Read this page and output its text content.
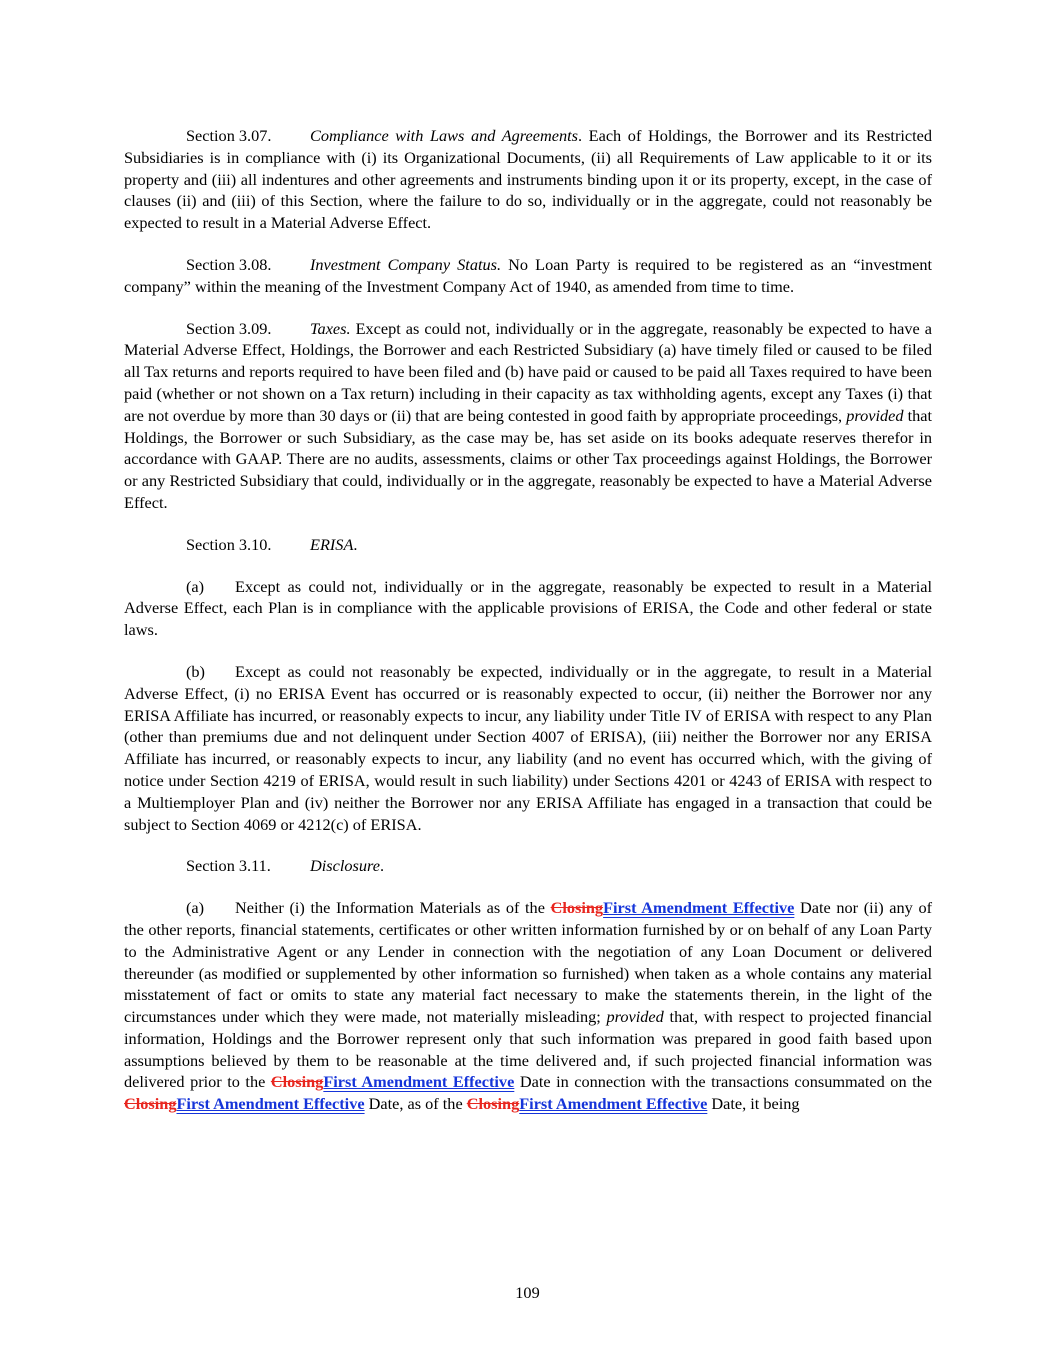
Section 3.07. Compliance with Laws and Agreements. Each of Holdings, the Borrower and its Restricted Subsidiaries is in compliance with (i) its Organizational Documents, (ii) all Requirements of Law applicable to it or its property and (iii) all indentures and other agreements and instruments binding upon it or its property, except, in the case of clauses (ii) and (iii) of this Section, where the failure to do so, individually or in the aggregate, could not reasonably be expected to result in a Material Adverse Effect.

Section 3.08. Investment Company Status. No Loan Party is required to be registered as an “investment company” within the meaning of the Investment Company Act of 1940, as amended from time to time.

Section 3.09. Taxes. Except as could not, individually or in the aggregate, reasonably be expected to have a Material Adverse Effect, Holdings, the Borrower and each Restricted Subsidiary (a) have timely filed or caused to be filed all Tax returns and reports required to have been filed and (b) have paid or caused to be paid all Taxes required to have been paid (whether or not shown on a Tax return) including in their capacity as tax withholding agents, except any Taxes (i) that are not overdue by more than 30 days or (ii) that are being contested in good faith by appropriate proceedings, provided that Holdings, the Borrower or such Subsidiary, as the case may be, has set aside on its books adequate reserves therefor in accordance with GAAP. There are no audits, assessments, claims or other Tax proceedings against Holdings, the Borrower or any Restricted Subsidiary that could, individually or in the aggregate, reasonably be expected to have a Material Adverse Effect.

Section 3.10. ERISA.

(a) Except as could not, individually or in the aggregate, reasonably be expected to result in a Material Adverse Effect, each Plan is in compliance with the applicable provisions of ERISA, the Code and other federal or state laws.

(b) Except as could not reasonably be expected, individually or in the aggregate, to result in a Material Adverse Effect, (i) no ERISA Event has occurred or is reasonably expected to occur, (ii) neither the Borrower nor any ERISA Affiliate has incurred, or reasonably expects to incur, any liability under Title IV of ERISA with respect to any Plan (other than premiums due and not delinquent under Section 4007 of ERISA), (iii) neither the Borrower nor any ERISA Affiliate has incurred, or reasonably expects to incur, any liability (and no event has occurred which, with the giving of notice under Section 4219 of ERISA, would result in such liability) under Sections 4201 or 4243 of ERISA with respect to a Multiemployer Plan and (iv) neither the Borrower nor any ERISA Affiliate has engaged in a transaction that could be subject to Section 4069 or 4212(c) of ERISA.

Section 3.11. Disclosure.

(a) Neither (i) the Information Materials as of the ClosingFirst Amendment Effective Date nor (ii) any of the other reports, financial statements, certificates or other written information furnished by or on behalf of any Loan Party to the Administrative Agent or any Lender in connection with the negotiation of any Loan Document or delivered thereunder (as modified or supplemented by other information so furnished) when taken as a whole contains any material misstatement of fact or omits to state any material fact necessary to make the statements therein, in the light of the circumstances under which they were made, not materially misleading; provided that, with respect to projected financial information, Holdings and the Borrower represent only that such information was prepared in good faith based upon assumptions believed by them to be reasonable at the time delivered and, if such projected financial information was delivered prior to the ClosingFirst Amendment Effective Date in connection with the transactions consummated on the ClosingFirst Amendment Effective Date, as of the ClosingFirst Amendment Effective Date, it being

109
